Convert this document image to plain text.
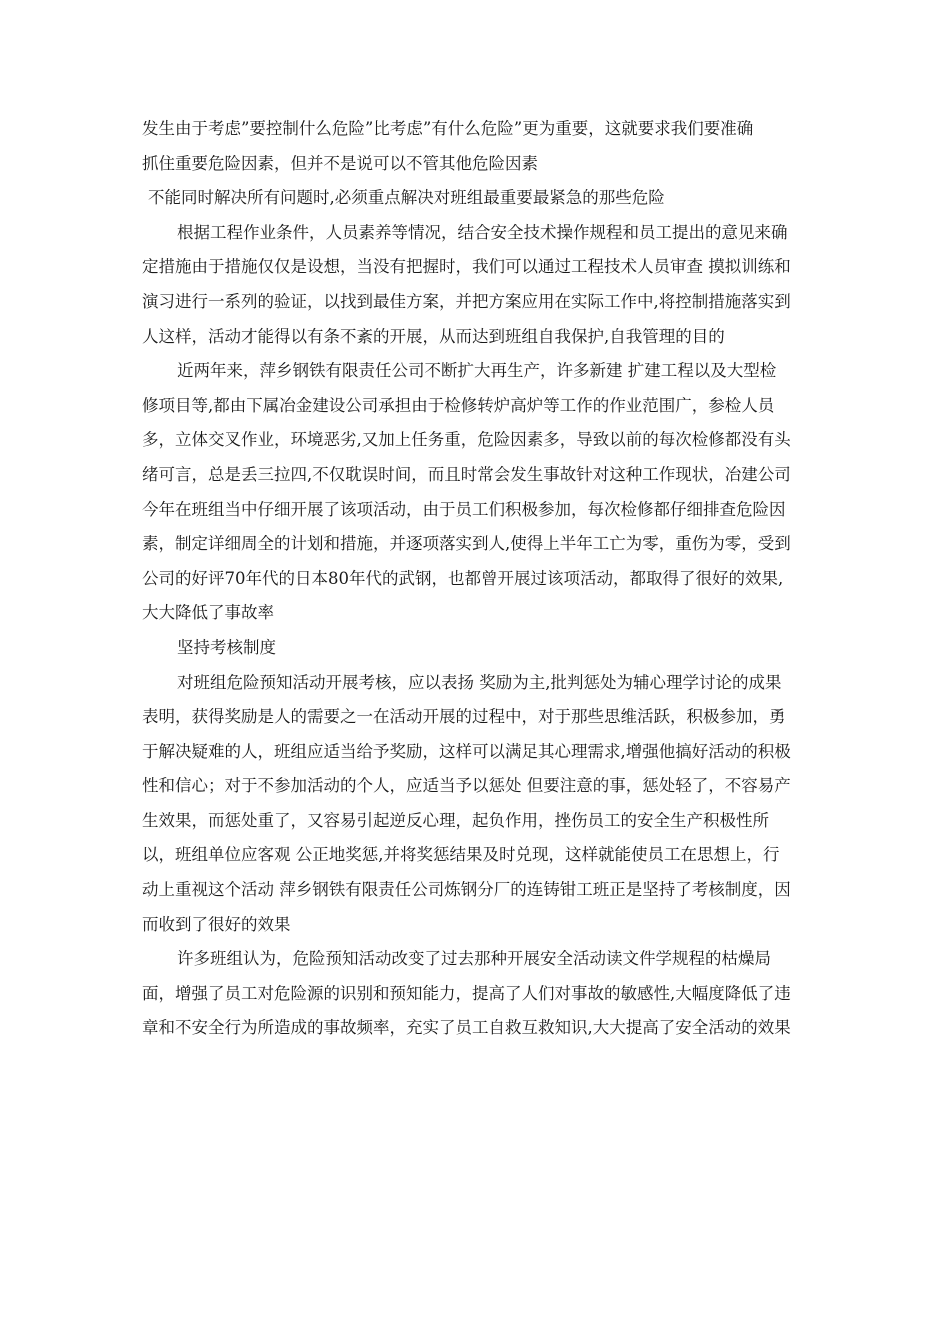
发生由于考虑”要控制什么危险”比考虑”有什么危险”更为重要，这就要求我们要准确
抓住重要危险因素，但并不是说可以不管其他危险因素
不能同时解决所有问题时,必须重点解决对班组最重要最紧急的那些危险
根据工程作业条件，人员素养等情况，结合安全技术操作规程和员工提出的意见来确
定措施由于措施仅仅是设想，当没有把握时，我们可以通过工程技术人员审查 摸拟训练和
演习进行一系列的验证，以找到最佳方案，并把方案应用在实际工作中,将控制措施落实到
人这样，活动才能得以有条不紊的开展，从而达到班组自我保护,自我管理的目的
近两年来，萍乡钢铁有限责任公司不断扩大再生产，许多新建 扩建工程以及大型检
修项目等,都由下属冶金建设公司承担由于检修转炉高炉等工作的作业范围广，参检人员
多，立体交叉作业，环境恶劣,又加上任务重，危险因素多，导致以前的每次检修都没有头
绪可言，总是丢三拉四,不仅耽误时间，而且时常会发生事故针对这种工作现状，冶建公司
今年在班组当中仔细开展了该项活动，由于员工们积极参加，每次检修都仔细排查危险因
素，制定详细周全的计划和措施，并逐项落实到人,使得上半年工亡为零，重伤为零，受到
公司的好评70年代的日本80年代的武钢，也都曾开展过该项活动，都取得了很好的效果,
大大降低了事故率
坚持考核制度
对班组危险预知活动开展考核，应以表扬 奖励为主,批判惩处为辅心理学讨论的成果
表明，获得奖励是人的需要之一在活动开展的过程中，对于那些思维活跃，积极参加，勇
于解决疑难的人，班组应适当给予奖励，这样可以满足其心理需求,增强他搞好活动的积极
性和信心；对于不参加活动的个人，应适当予以惩处 但要注意的事，惩处轻了，不容易产
生效果，而惩处重了，又容易引起逆反心理，起负作用，挫伤员工的安全生产积极性所
以，班组单位应客观 公正地奖惩,并将奖惩结果及时兑现，这样就能使员工在思想上，行
动上重视这个活动 萍乡钢铁有限责任公司炼钢分厂的连铸钳工班正是坚持了考核制度，因
而收到了很好的效果
许多班组认为，危险预知活动改变了过去那种开展安全活动读文件学规程的枯燥局
面，增强了员工对危险源的识别和预知能力，提高了人们对事故的敏感性,大幅度降低了违
章和不安全行为所造成的事故频率，充实了员工自救互救知识,大大提高了安全活动的效果
